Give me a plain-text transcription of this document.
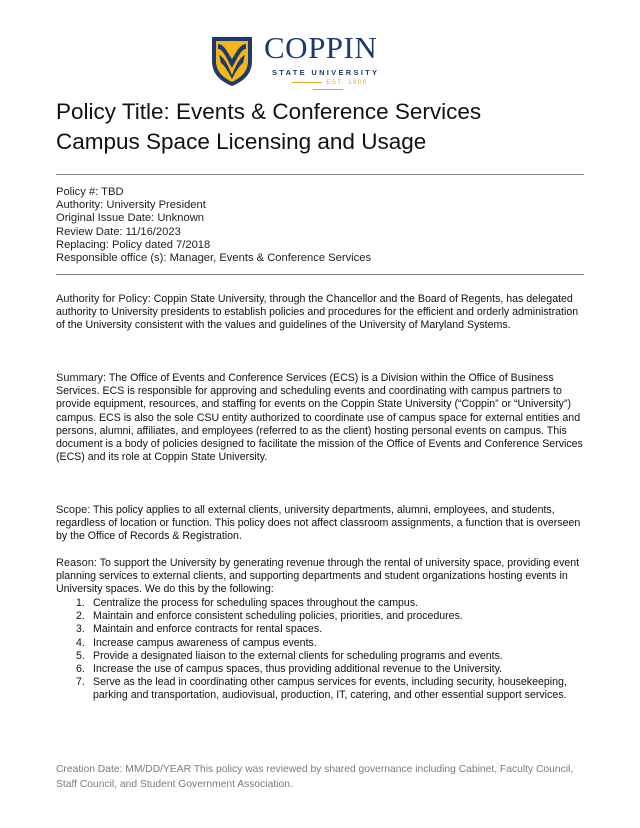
COPPIN
STATE UNIVERSITY
EST. 1900
Policy Title: Events & Conference Services
Campus Space Licensing and Usage
Policy #: TBD
Authority: University President
Original Issue Date: Unknown
Review Date: 11/16/2023
Replacing: Policy dated 7/2018
Responsible office (s): Manager, Events & Conference Services

Authority for Policy: Coppin State University, through the Chancellor and the Board of Regents, has delegated authority to University presidents to establish policies and procedures for the efficient and orderly administration of the University consistent with the values and guidelines of the University of Maryland Systems.

Summary: The Office of Events and Conference Services (ECS) is a Division within the Office of Business Services. ECS is responsible for approving and scheduling events and coordinating with campus partners to provide equipment, resources, and staffing for events on the Coppin State University (“Coppin” or “University”) campus. ECS is also the sole CSU entity authorized to coordinate use of campus space for external entities and persons, alumni, affiliates, and employees (referred to as the client) hosting personal events on campus. This document is a body of policies designed to facilitate the mission of the Office of Events and Conference Services (ECS) and its role at Coppin State University.

Scope: This policy applies to all external clients, university departments, alumni, employees, and students, regardless of location or function. This policy does not affect classroom assignments, a function that is overseen by the Office of Records & Registration.

Reason: To support the University by generating revenue through the rental of university space, providing event planning services to external clients, and supporting departments and student organizations hosting events in University spaces. We do this by the following:

1. Centralize the process for scheduling spaces throughout the campus.
2. Maintain and enforce consistent scheduling policies, priorities, and procedures.
3. Maintain and enforce contracts for rental spaces.
4. Increase campus awareness of campus events.
5. Provide a designated liaison to the external clients for scheduling programs and events.
6. Increase the use of campus spaces, thus providing additional revenue to the University.
7. Serve as the lead in coordinating other campus services for events, including security, housekeeping, parking and transportation, audiovisual, production, IT, catering, and other essential support services.
Creation Date: MM/DD/YEAR This policy was reviewed by shared governance including Cabinet, Faculty Council, Staff Council, and Student Government Association.
